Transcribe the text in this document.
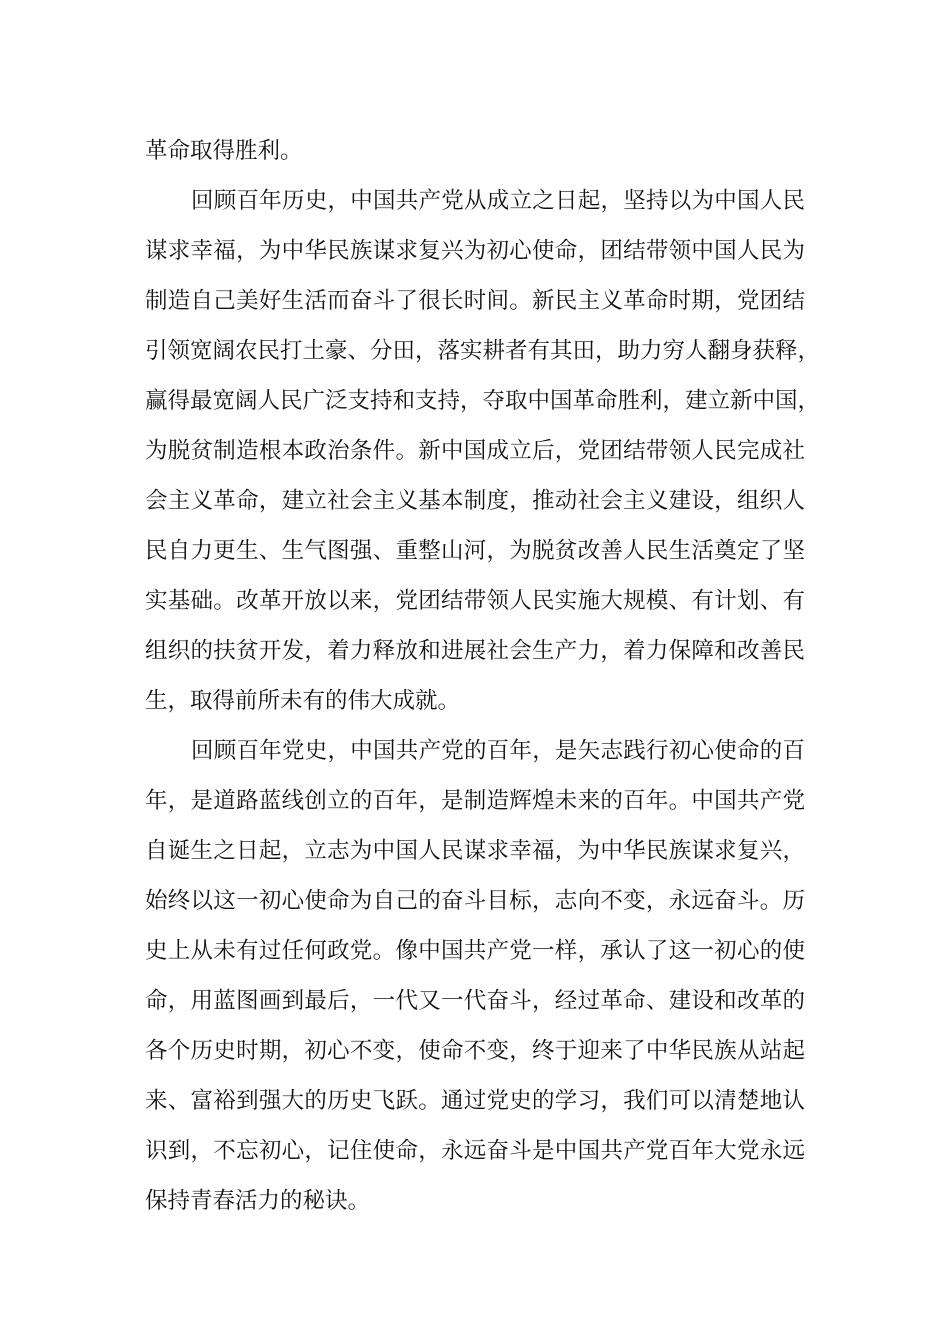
革命取得胜利。
回顾百年历史，中国共产党从成立之日起，坚持以为中国人民
谋求幸福，为中华民族谋求复兴为初心使命，团结带领中国人民为
制造自己美好生活而奋斗了很长时间。新民主义革命时期，党团结
引领宽阔农民打土豪、分田，落实耕者有其田，助力穷人翻身获释，
赢得最宽阔人民广泛支持和支持，夺取中国革命胜利，建立新中国，
为脱贫制造根本政治条件。新中国成立后，党团结带领人民完成社
会主义革命，建立社会主义基本制度，推动社会主义建设，组织人
民自力更生、生气图强、重整山河，为脱贫改善人民生活奠定了坚
实基础。改革开放以来，党团结带领人民实施大规模、有计划、有
组织的扶贫开发，着力释放和进展社会生产力，着力保障和改善民
生，取得前所未有的伟大成就。
回顾百年党史，中国共产党的百年，是矢志践行初心使命的百
年，是道路蓝线创立的百年，是制造辉煌未来的百年。中国共产党
自诞生之日起，立志为中国人民谋求幸福，为中华民族谋求复兴，
始终以这一初心使命为自己的奋斗目标，志向不变，永远奋斗。历
史上从未有过任何政党。像中国共产党一样，承认了这一初心的使
命，用蓝图画到最后，一代又一代奋斗，经过革命、建设和改革的
各个历史时期，初心不变，使命不变，终于迎来了中华民族从站起
来、富裕到强大的历史飞跃。通过党史的学习，我们可以清楚地认
识到，不忘初心，记住使命，永远奋斗是中国共产党百年大党永远
保持青春活力的秘诀。
